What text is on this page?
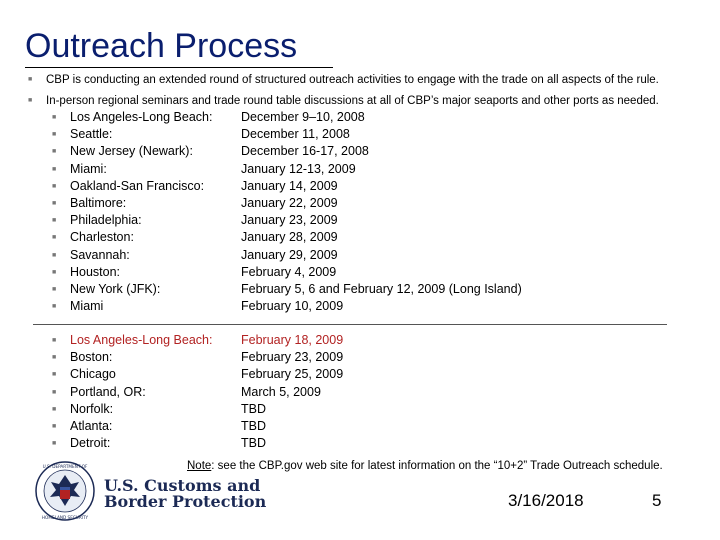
Outreach Process
■ CBP is conducting an extended round of structured outreach activities to engage with the trade on all aspects of the rule.
■ In-person regional seminars and trade round table discussions at all of CBP’s major seaports and other ports as needed.
■ Los Angeles-Long Beach: December 9–10, 2008
■ Seattle:	December 11, 2008
■ New Jersey (Newark):	December 16-17, 2008
■ Miami:	January 12-13, 2009
■ Oakland-San Francisco:	January 14, 2009
■ Baltimore:	January 22, 2009
■ Philadelphia:	January 23, 2009
■ Charleston:	January 28, 2009
■ Savannah:	January 29, 2009
■ Houston:	February 4, 2009
■ New York (JFK):	February 5, 6 and February 12, 2009 (Long Island)
■ Miami	February 10, 2009
■ Los Angeles-Long Beach: February 18, 2009
■ Boston:	February 23, 2009
■ Chicago	February 25, 2009
■ Portland, OR:	March 5, 2009
■ Norfolk:	TBD
■ Atlanta:	TBD
■ Detroit:	TBD
Note: see the CBP.gov web site for latest information on the “10+2” Trade Outreach schedule.
U.S. DEPARTMENT OF
HOMELAND SECURITY
U.S. Customs and
Border Protection	3/16/2018	5
